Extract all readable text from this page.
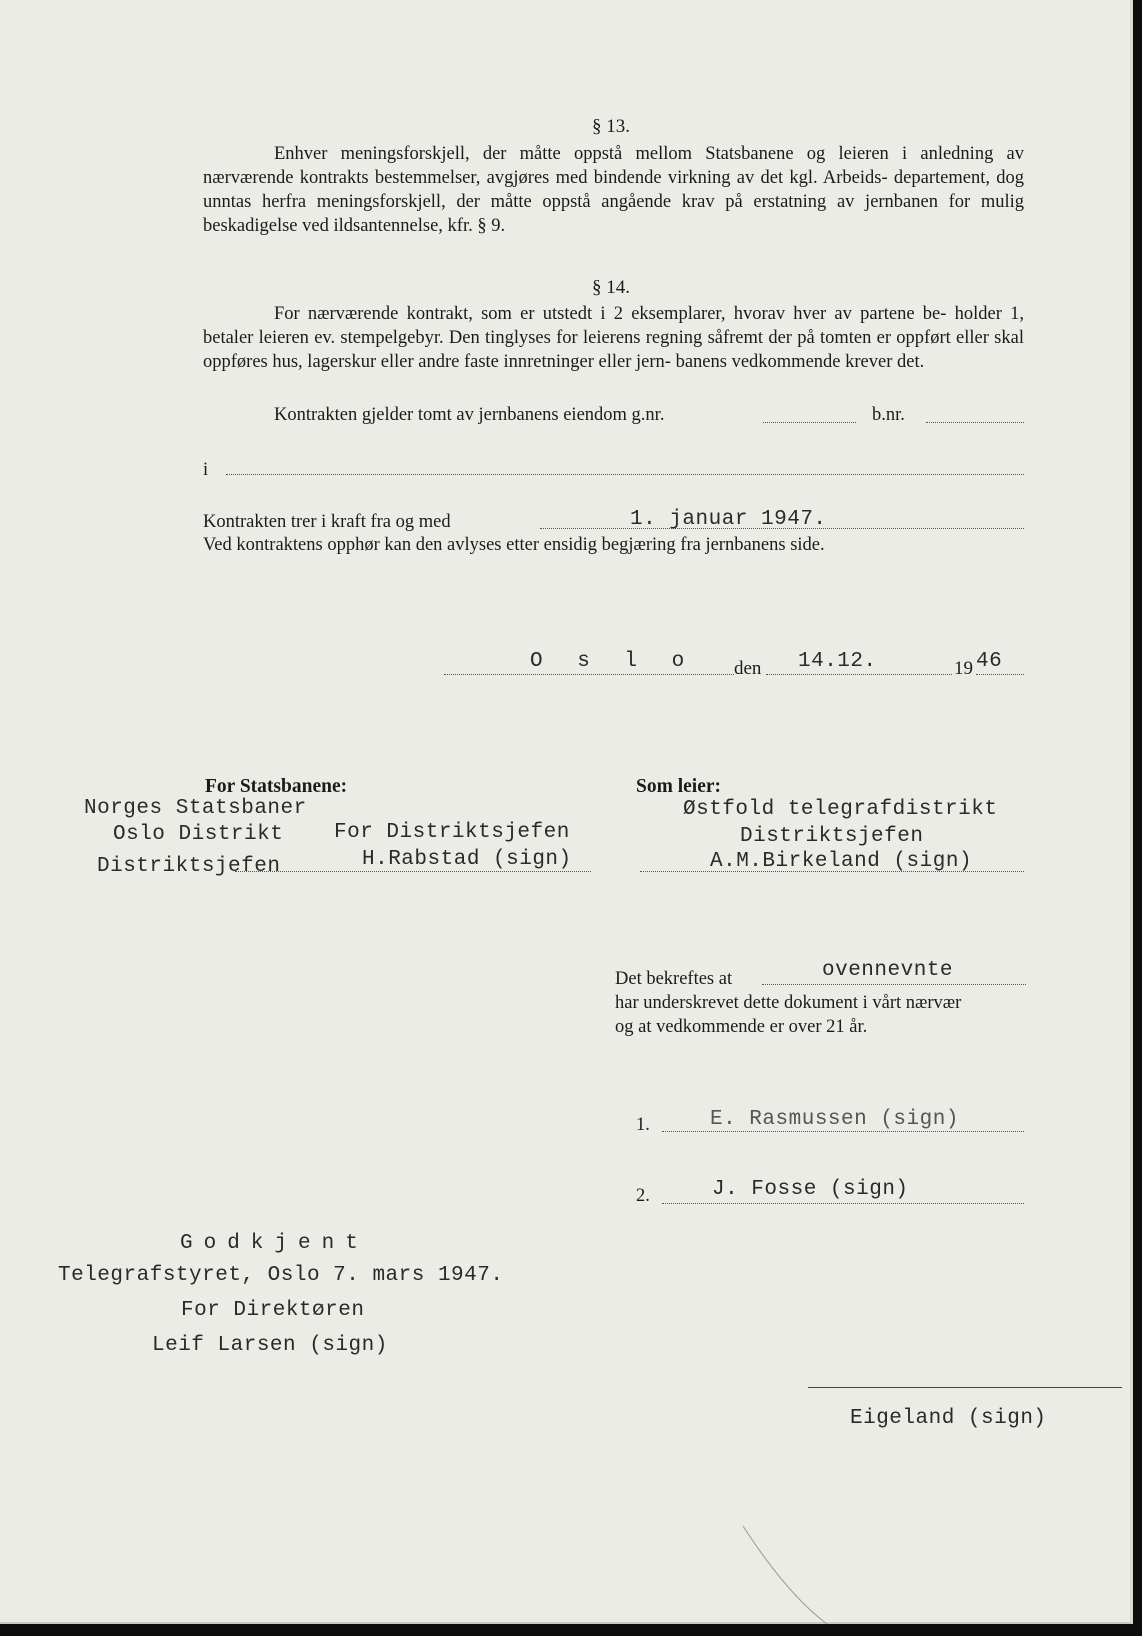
§ 13.

Enhver meningsforskjell, der måtte oppstå mellom Statsbanene og leieren i anledning av nærværende kontrakts bestemmelser, avgjøres med bindende virkning av det kgl. Arbeids- departement, dog unntas herfra meningsforskjell, der måtte oppstå angående krav på erstatning av jernbanen for mulig beskadigelse ved ildsantennelse, kfr. § 9.

§ 14.

For nærværende kontrakt, som er utstedt i 2 eksemplarer, hvorav hver av partene be- holder 1, betaler leieren ev. stempelgebyr. Den tinglyses for leierens regning såfremt der på tomten er oppført eller skal oppføres hus, lagerskur eller andre faste innretninger eller jern- banens vedkommende krever det.

Kontrakten gjelder tomt av jernbanens eiendom g.nr.	b.nr.
i
Kontrakten trer i kraft fra og med	1. januar 1947.
Ved kontraktens opphør kan den avlyses etter ensidig begjæring fra jernbanens side.
O s l o den 14.12.	19 46
For Statsbanene:
Norges Statsbaner
Oslo Distrikt For Distriktsjefen
Distriktsjefen	H.Rabstad (sign)
Som leier:
Østfold telegrafdistrikt
Distriktsjefen
A.M.Birkeland (sign)
Det bekreftes at	ovennevnte
har underskrevet dette dokument i vårt nærvær
og at vedkommende er over 21 år.
1.	E. Rasmussen (sign)
2.	J. Fosse (sign)
Godkjent
Telegrafstyret, Oslo 7. mars 1947.
For Direktøren
Leif Larsen (sign)
Eigeland (sign)
